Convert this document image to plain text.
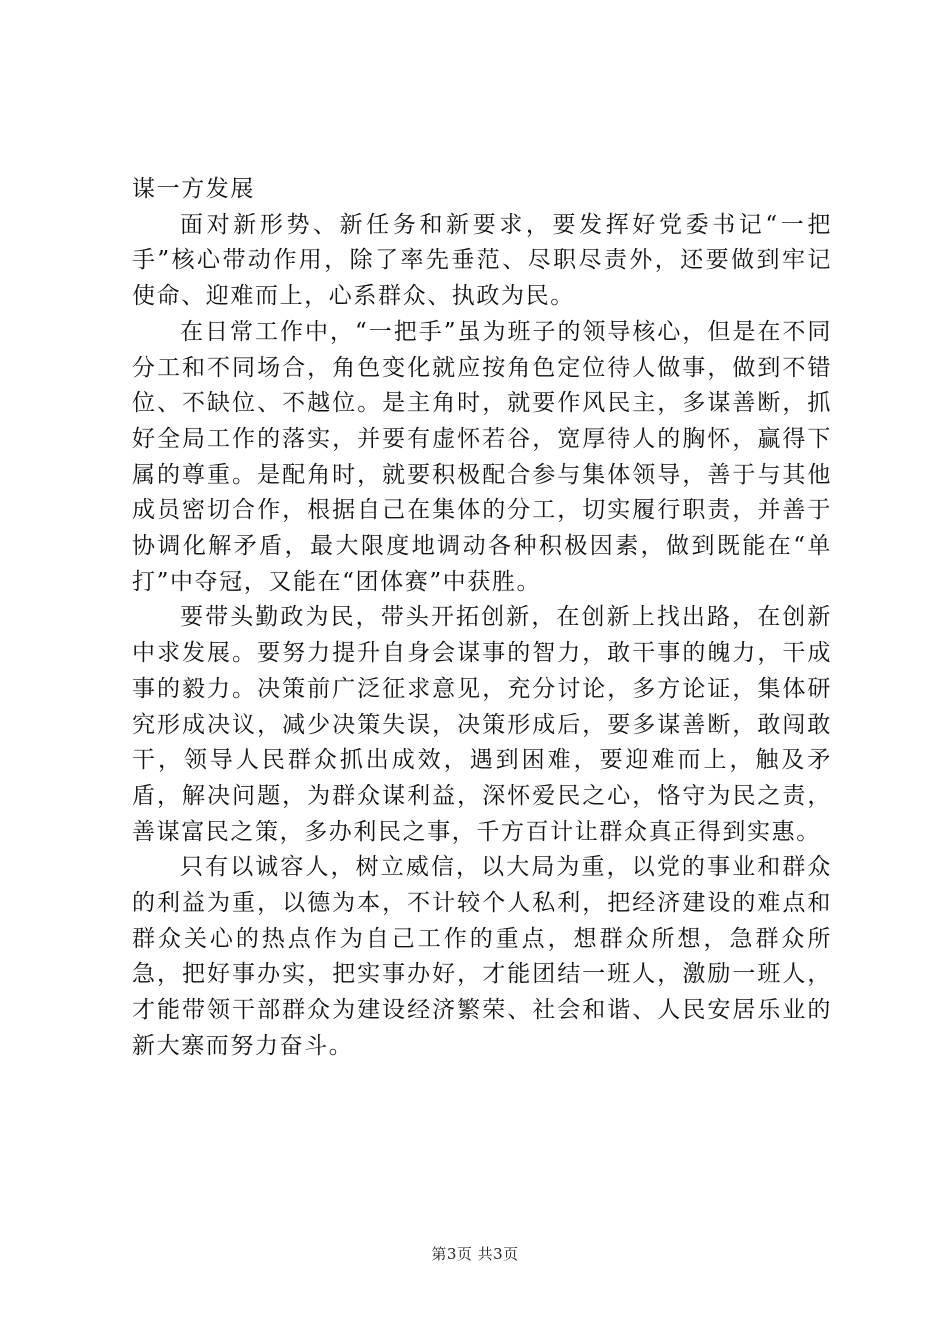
谋一方发展

面对新形势、新任务和新要求，要发挥好党委书记“一把手”核心带动作用，除了率先垂范、尽职尽责外，还要做到牢记使命、迎难而上，心系群众、执政为民。

在日常工作中，“一把手”虽为班子的领导核心，但是在不同分工和不同场合，角色变化就应按角色定位待人做事，做到不错位、不缺位、不越位。是主角时，就要作风民主，多谋善断，抓好全局工作的落实，并要有虚怀若谷，宽厚待人的胸怀，赢得下属的尊重。是配角时，就要积极配合参与集体领导，善于与其他成员密切合作，根据自己在集体的分工，切实履行职责，并善于协调化解矛盾，最大限度地调动各种积极因素，做到既能在“单打”中夺冠，又能在“团体赛”中获胜。

要带头勤政为民，带头开拓创新，在创新上找出路，在创新中求发展。要努力提升自身会谋事的智力，敢干事的魄力，干成事的毅力。决策前广泛征求意见，充分讨论，多方论证，集体研究形成决议，减少决策失误，决策形成后，要多谋善断，敢闯敢干，领导人民群众抓出成效，遇到困难，要迎难而上，触及矛盾，解决问题，为群众谋利益，深怀爱民之心，恪守为民之责，善谋富民之策，多办利民之事，千方百计让群众真正得到实惠。

只有以诚容人，树立威信，以大局为重，以党的事业和群众的利益为重，以德为本，不计较个人私利，把经济建设的难点和群众关心的热点作为自己工作的重点，想群众所想，急群众所急，把好事办实，把实事办好，才能团结一班人，激励一班人，才能带领干部群众为建设经济繁荣、社会和谐、人民安居乐业的新大寨而努力奋斗。

第3页 共3页
